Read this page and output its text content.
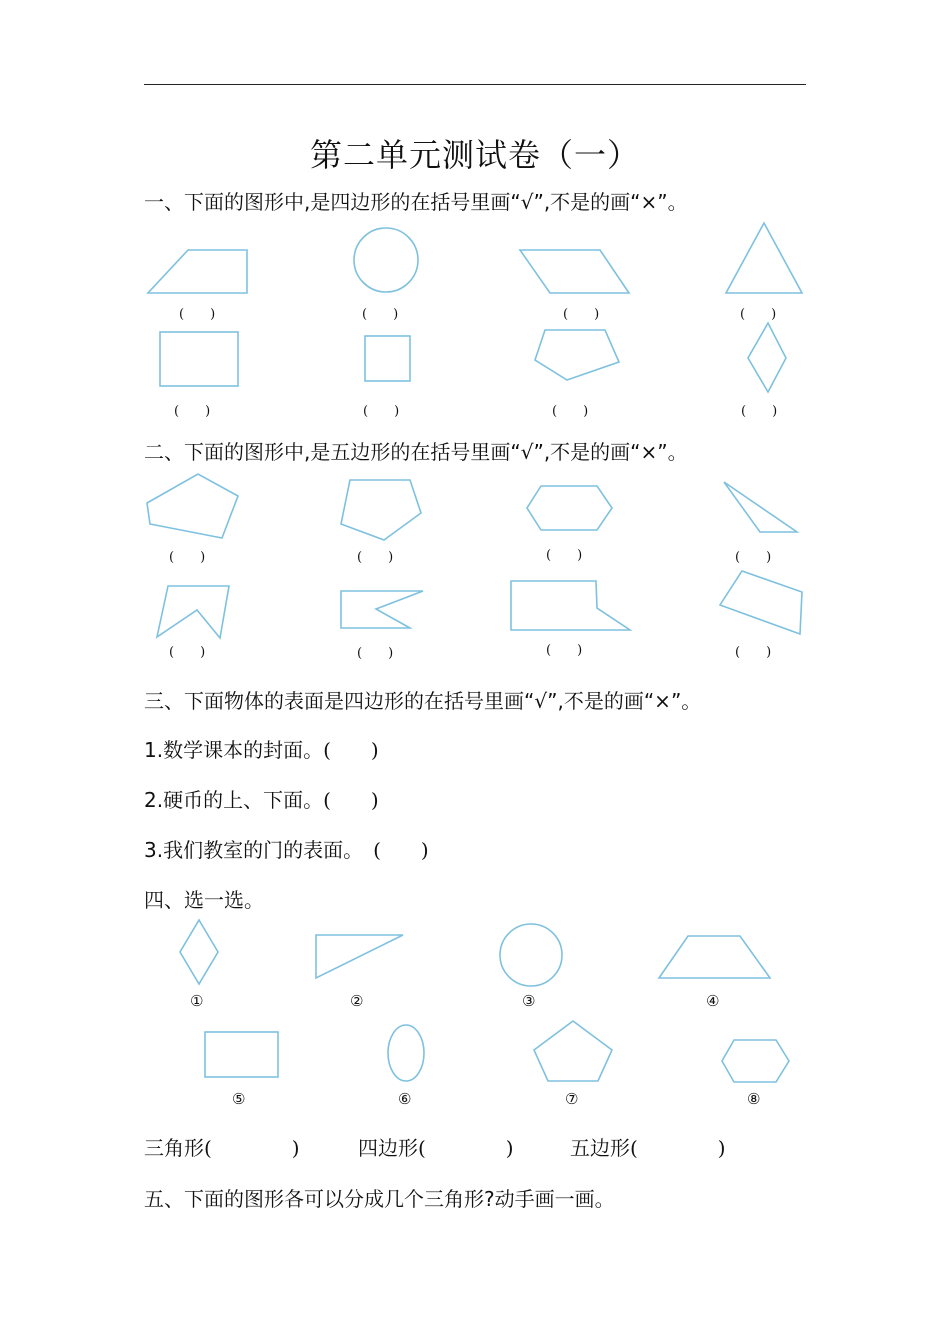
第二单元测试卷（一）
一、下面的图形中,是四边形的在括号里画“√”,不是的画“×”。
二、下面的图形中,是五边形的在括号里画“√”,不是的画“×”。
三、下面物体的表面是四边形的在括号里画“√”,不是的画“×”。
1.数学课本的封面。(　　)
2.硬币的上、下面。(　　)
3.我们教室的门的表面。　(　　)
四、选一选。
三角形(　　　　)	四边形(　　　　)	五边形(　　　　)
五、下面的图形各可以分成几个三角形?动手画一画。
(　　)	(　　)	(　　)	(　　)
(　　)	(　　)	(　　)	(　　)
(　　)	(　　)	(　　)	(　　)
(　　)	(　　)	(　　)	(　　)
①	②	③	④
⑤	⑥	⑦	⑧
